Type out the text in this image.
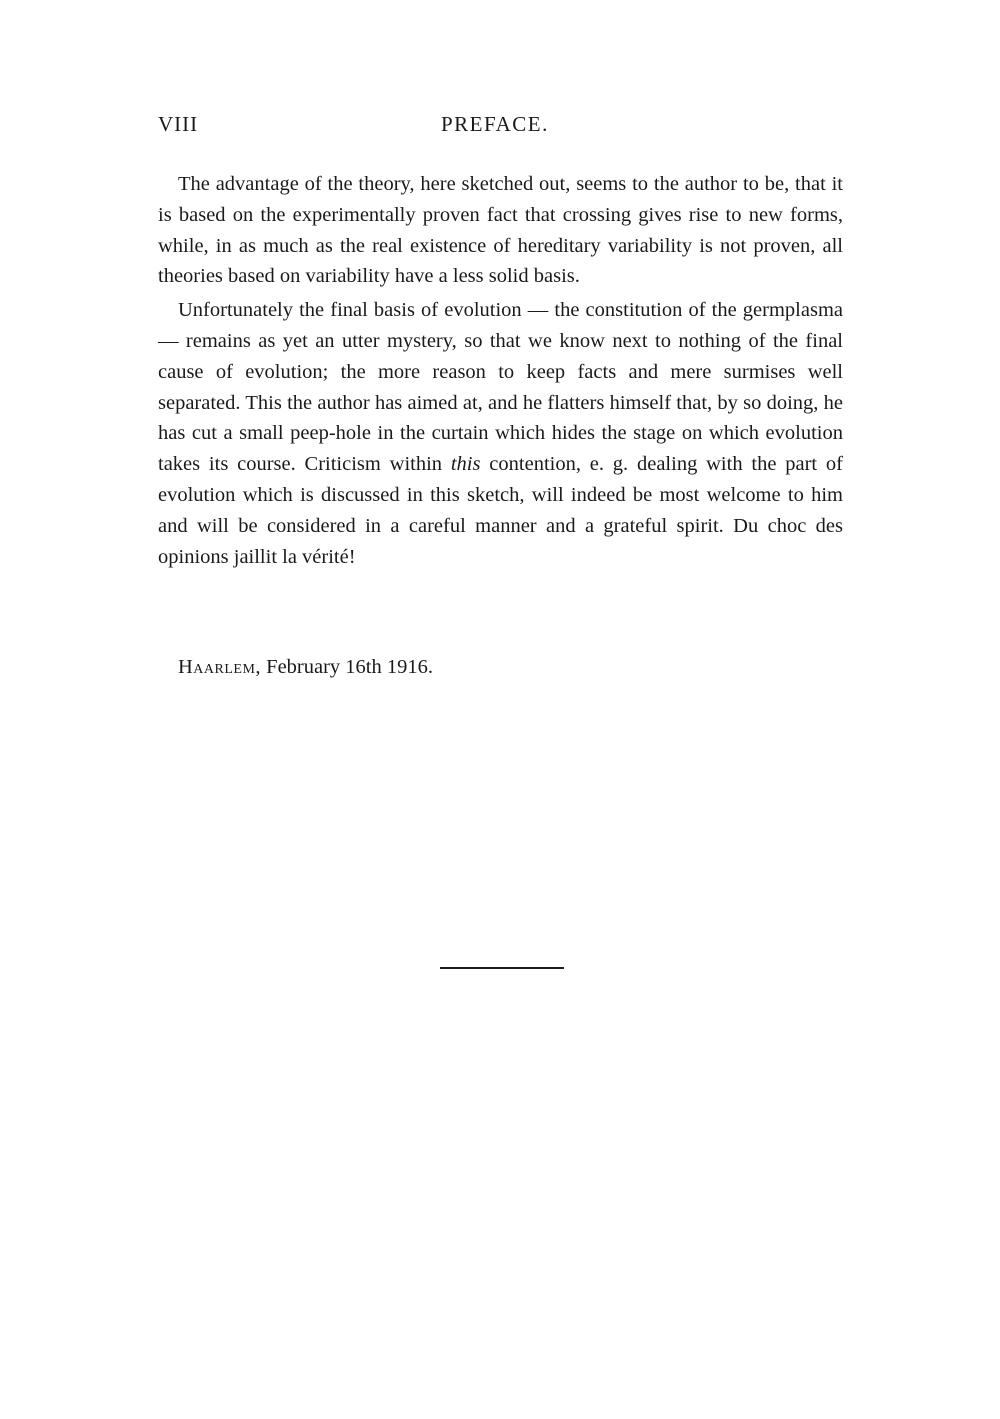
VIII	PREFACE.

The advantage of the theory, here sketched out, seems to the author to be, that it is based on the experimentally proven fact that crossing gives rise to new forms, while, in as much as the real existence of hereditary variability is not proven, all theories based on variability have a less solid basis.

Unfortunately the final basis of evolution — the constitution of the germplasma — remains as yet an utter mystery, so that we know next to nothing of the final cause of evolution; the more reason to keep facts and mere surmises well separated. This the author has aimed at, and he flatters himself that, by so doing, he has cut a small peep-hole in the curtain which hides the stage on which evolution takes its course. Criticism within this contention, e. g. dealing with the part of evolution which is discussed in this sketch, will indeed be most welcome to him and will be considered in a careful manner and a grateful spirit. Du choc des opinions jaillit la vérité!

Haarlem, February 16th 1916.
